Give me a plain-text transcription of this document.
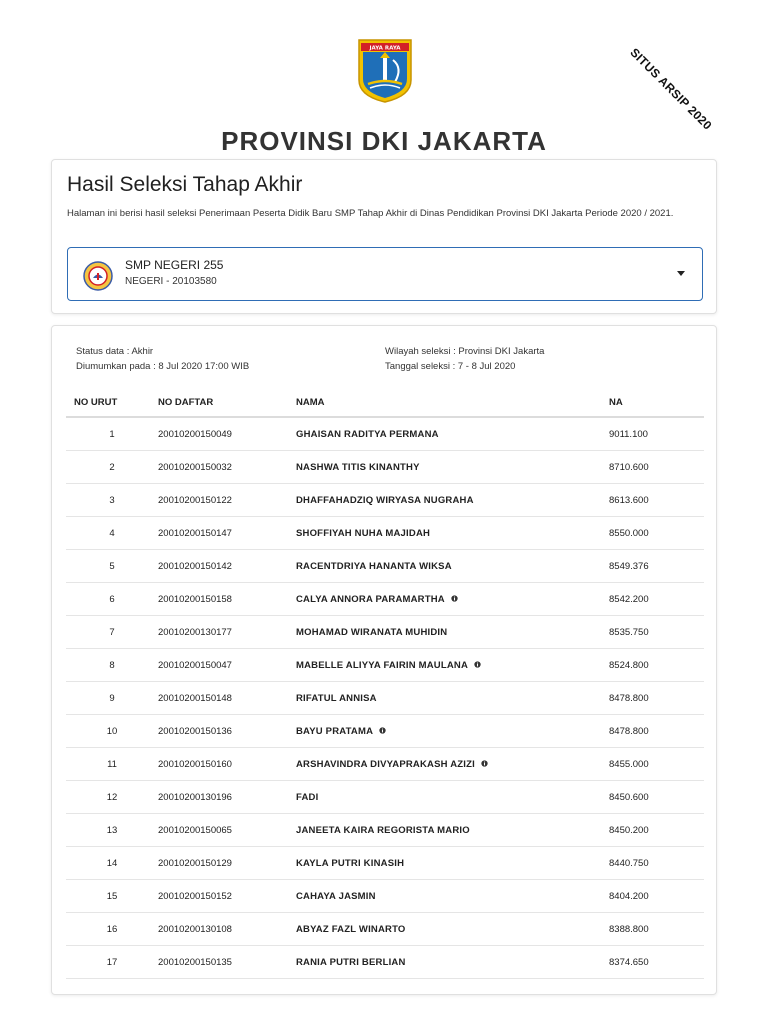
JAYA RAYA	SITUS ARSIP 2020
PROVINSI DKI JAKARTA
Hasil Seleksi Tahap Akhir
Halaman ini berisi hasil seleksi Penerimaan Peserta Didik Baru SMP Tahap Akhir di Dinas Pendidikan Provinsi DKI Jakarta Periode 2020 / 2021.
SMP NEGERI 255
NEGERI - 20103580
Status data : Akhir
Diumumkan pada : 8 Jul 2020 17:00 WIB
Wilayah seleksi : Provinsi DKI Jakarta
Tanggal seleksi : 7 - 8 Jul 2020
NO URUT	NO DAFTAR	NAMA	NA
1	20010200150049	GHAISAN RADITYA PERMANA	9011.100
2	20010200150032	NASHWA TITIS KINANTHY	8710.600
3	20010200150122	DHAFFAHADZIQ WIRYASA NUGRAHA	8613.600
4	20010200150147	SHOFFIYAH NUHA MAJIDAH	8550.000
5	20010200150142	RACENTDRIYA HANANTA WIKSA	8549.376
6	20010200150158	CALYA ANNORA PARAMARTHA	8542.200
7	20010200130177	MOHAMAD WIRANATA MUHIDIN	8535.750
8	20010200150047	MABELLE ALIYYA FAIRIN MAULANA	8524.800
9	20010200150148	RIFATUL ANNISA	8478.800
10	20010200150136	BAYU PRATAMA	8478.800
11	20010200150160	ARSHAVINDRA DIVYAPRAKASH AZIZI	8455.000
12	20010200130196	FADI	8450.600
13	20010200150065	JANEETA KAIRA REGORISTA MARIO	8450.200
14	20010200150129	KAYLA PUTRI KINASIH	8440.750
15	20010200150152	CAHAYA JASMIN	8404.200
16	20010200130108	ABYAZ FAZL WINARTO	8388.800
17	20010200150135	RANIA PUTRI BERLIAN	8374.650
